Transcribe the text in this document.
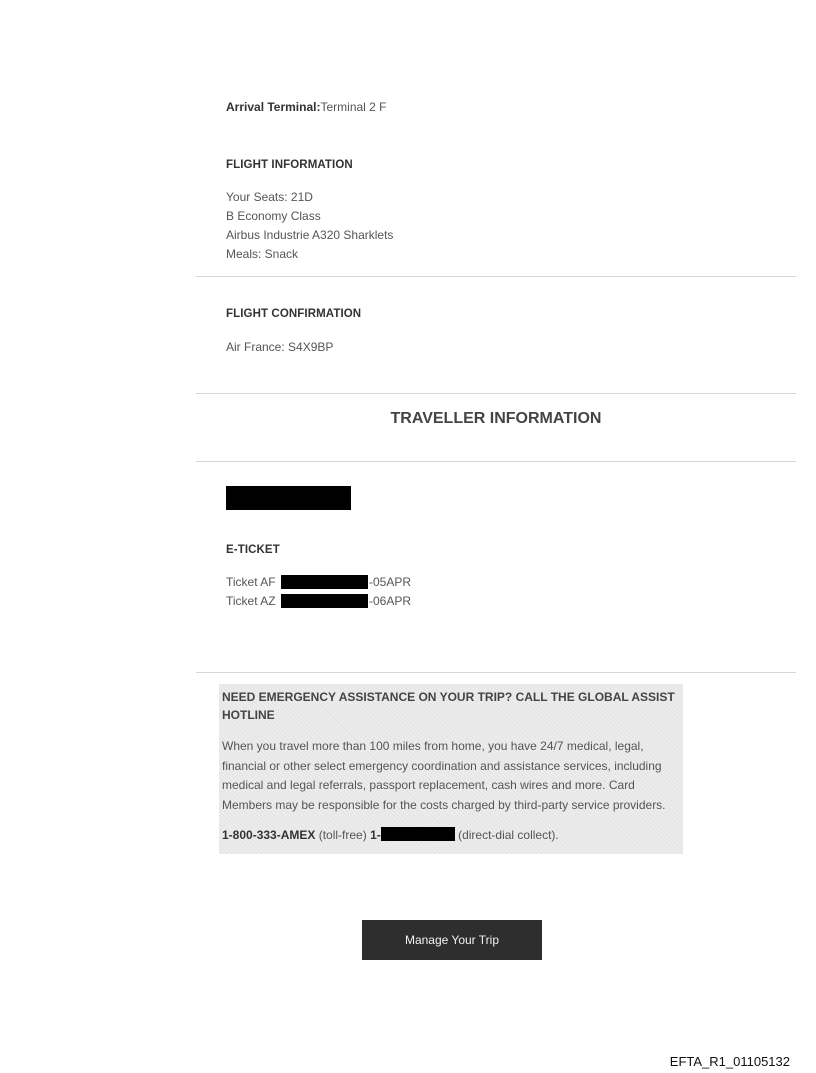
Arrival Terminal:Terminal 2 F
FLIGHT INFORMATION
Your Seats: 21D
B Economy Class
Airbus Industrie A320 Sharklets
Meals: Snack
FLIGHT CONFIRMATION
Air France: S4X9BP
TRAVELLER INFORMATION
E-TICKET
Ticket AF	-05APR
Ticket AZ	-06APR
NEED EMERGENCY ASSISTANCE ON YOUR TRIP? CALL THE GLOBAL ASSIST HOTLINE
When you travel more than 100 miles from home, you have 24/7 medical, legal, financial or other select emergency coordination and assistance services, including medical and legal referrals, passport replacement, cash wires and more. Card Members may be responsible for the costs charged by third-party service providers.
1-800-333-AMEX (toll-free) 1-	(direct-dial collect).
Manage Your Trip
EFTA_R1_01105132
